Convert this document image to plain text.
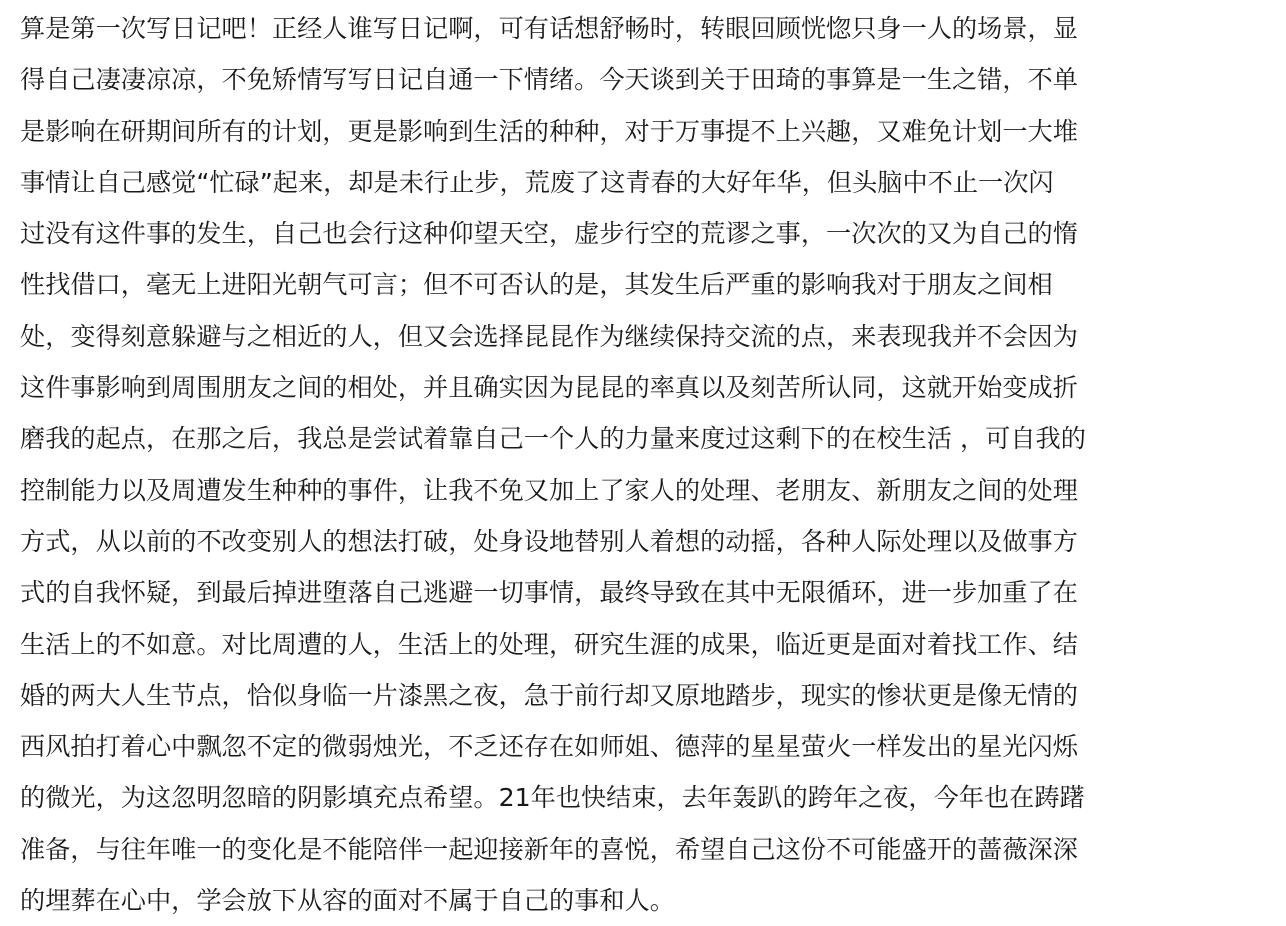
算是第一次写日记吧！正经人谁写日记啊，可有话想舒畅时，转眼回顾恍惚只身一人的场景，显
得自己凄凄凉凉，不免矫情写写日记自通一下情绪。今天谈到关于田琦的事算是一生之错，不单
是影响在研期间所有的计划，更是影响到生活的种种，对于万事提不上兴趣，又难免计划一大堆
事情让自己感觉“忙碌”起来，却是未行止步，荒废了这青春的大好年华，但头脑中不止一次闪
过没有这件事的发生，自己也会行这种仰望天空，虚步行空的荒谬之事，一次次的又为自己的惰
性找借口，毫无上进阳光朝气可言；但不可否认的是，其发生后严重的影响我对于朋友之间相
处，变得刻意躲避与之相近的人，但又会选择昆昆作为继续保持交流的点，来表现我并不会因为
这件事影响到周围朋友之间的相处，并且确实因为昆昆的率真以及刻苦所认同，这就开始变成折
磨我的起点，在那之后，我总是尝试着靠自己一个人的力量来度过这剩下的在校生活 ，可自我的
控制能力以及周遭发生种种的事件，让我不免又加上了家人的处理、老朋友、新朋友之间的处理
方式，从以前的不改变别人的想法打破，处身设地替别人着想的动摇，各种人际处理以及做事方
式的自我怀疑，到最后掉进堕落自己逃避一切事情，最终导致在其中无限循环，进一步加重了在
生活上的不如意。对比周遭的人，生活上的处理，研究生涯的成果，临近更是面对着找工作、结
婚的两大人生节点，恰似身临一片漆黑之夜，急于前行却又原地踏步，现实的惨状更是像无情的
西风拍打着心中飘忽不定的微弱烛光，不乏还存在如师姐、德萍的星星萤火一样发出的星光闪烁
的微光，为这忽明忽暗的阴影填充点希望。21年也快结束，去年轰趴的跨年之夜，今年也在踌躇
准备，与往年唯一的变化是不能陪伴一起迎接新年的喜悦，希望自己这份不可能盛开的蔷薇深深
的埋葬在心中，学会放下从容的面对不属于自己的事和人。
